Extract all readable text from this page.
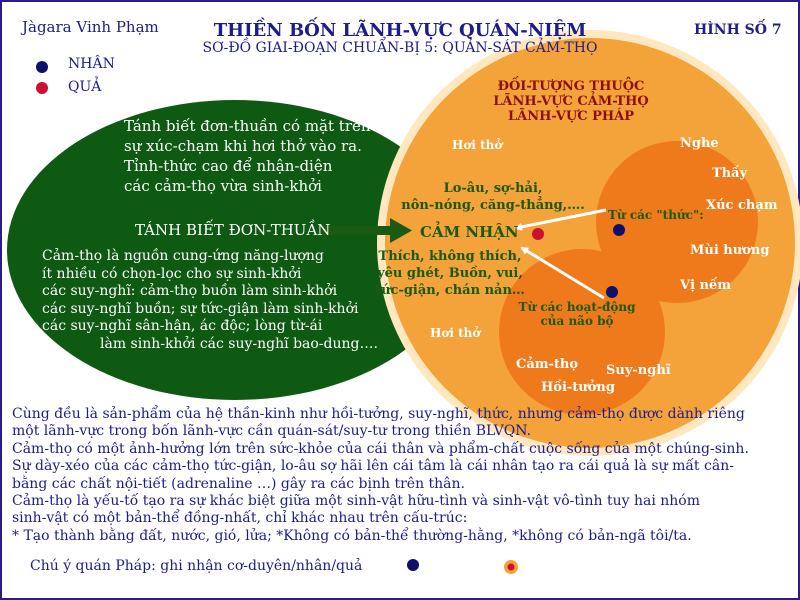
Jàgara Vinh Phạm	THIỀN BỐN LÃNH-VỰC QUÁN-NIỆM
SƠ-ĐỒ GIAI-ĐOẠN CHUẨN-BỊ 5: QUÁN-SÁT CẢM-THỌ
HÌNH SỐ 7
NHÂN
QUẢ
Tánh biết đơn-thuần có mặt trên
sự xúc-chạm khi hơi thở vào ra.
Tỉnh-thức cao để nhận-diện
các cảm-thọ vừa sinh-khởi
TÁNH BIẾT ĐƠN-THUẦN
Cảm-thọ là nguồn cung-ứng năng-lượng
ít nhiều có chọn-lọc cho sự sinh-khởi
các suy-nghĩ: cảm-thọ buồn làm sinh-khởi
các suy-nghĩ buồn; sự tức-giận làm sinh-khởi
các suy-nghĩ sân-hận, ác độc; lòng từ-ái
làm sinh-khởi các suy-nghĩ bao-dung….
ĐỐI-TƯỢNG THUỘC
LÃNH-VỰC CẢM-THỌ
LÃNH-VỰC PHÁP
Hơi thở
Hơi thở
Lo-âu, sợ-hải,
nôn-nóng, căng-thẳng,….
CẢM NHẬN
Thích, không thích,
yêu ghét, Buồn, vui,
tức-giận, chán nản…
Nghe
Thấy
Từ các "thức":
Xúc chạm
Mùi hương
Vị nếm
Từ các hoạt-động
của não bộ
Cảm-thọ Suy-nghĩ
Hồi-tưởng
Cùng đều là sản-phẩm của hệ thần-kinh như hồi-tưởng, suy-nghĩ, thức, nhưng cảm-thọ được dành riêng
một lãnh-vực trong bốn lãnh-vực cần quán-sát/suy-tư trong thiền BLVQN.
Cảm-thọ có một ảnh-hưởng lớn trên sức-khỏe của cái thân và phẩm-chất cuộc sống của một chúng-sinh.
Sự dày-xéo của các cảm-thọ tức-giận, lo-âu sợ hãi lên cái tâm là cái nhân tạo ra cái quả là sự mất cân-
bằng các chất nội-tiết (adrenaline …) gây ra các bịnh trên thân.
Cảm-thọ là yếu-tố tạo ra sự khác biệt giữa một sinh-vật hữu-tình và sinh-vật vô-tình tuy hai nhóm
sinh-vật có một bản-thể đồng-nhất, chỉ khác nhau trên cấu-trúc:
* Tạo thành bằng đất, nước, gió, lửa; *Không có bản-thể thường-hằng, *không có bản-ngã tôi/ta.
Chú ý quán Pháp: ghi nhận cơ-duyên/nhân/quả
